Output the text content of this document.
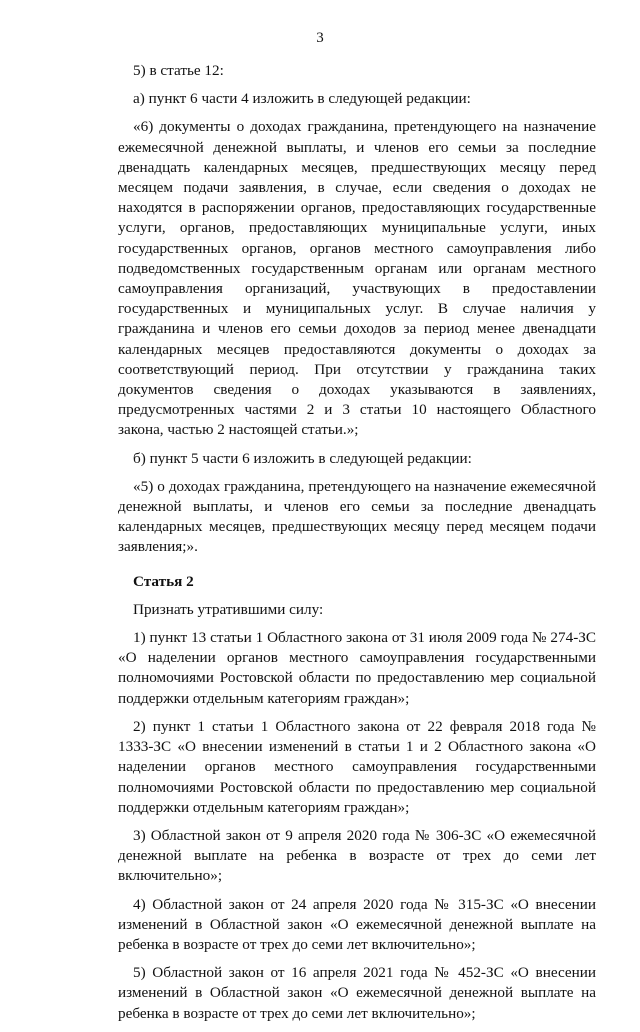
3

5) в статье 12:

а) пункт 6 части 4 изложить в следующей редакции:

«6) документы о доходах гражданина, претендующего на назначение ежемесячной денежной выплаты, и членов его семьи за последние двенадцать календарных месяцев, предшествующих месяцу перед месяцем подачи заявления, в случае, если сведения о доходах не находятся в распоряжении органов, предоставляющих государственные услуги, органов, предоставляющих муниципальные услуги, иных государственных органов, органов местного самоуправления либо подведомственных государственным органам или органам местного самоуправления организаций, участвующих в предоставлении государственных и муниципальных услуг. В случае наличия у гражданина и членов его семьи доходов за период менее двенадцати календарных месяцев предоставляются документы о доходах за соответствующий период. При отсутствии у гражданина таких документов сведения о доходах указываются в заявлениях, предусмотренных частями 2 и 3 статьи 10 настоящего Областного закона, частью 2 настоящей статьи.»;

б) пункт 5 части 6 изложить в следующей редакции:

«5) о доходах гражданина, претендующего на назначение ежемесячной денежной выплаты, и членов его семьи за последние двенадцать календарных месяцев, предшествующих месяцу перед месяцем подачи заявления;».

Статья 2

Признать утратившими силу:

1) пункт 13 статьи 1 Областного закона от 31 июля 2009 года № 274-ЗС «О наделении органов местного самоуправления государственными полномочиями Ростовской области по предоставлению мер социальной поддержки отдельным категориям граждан»;

2) пункт 1 статьи 1 Областного закона от 22 февраля 2018 года № 1333-ЗС «О внесении изменений в статьи 1 и 2 Областного закона «О наделении органов местного самоуправления государственными полномочиями Ростовской области по предоставлению мер социальной поддержки отдельным категориям граждан»;

3) Областной закон от 9 апреля 2020 года № 306-ЗС «О ежемесячной денежной выплате на ребенка в возрасте от трех до семи лет включительно»;

4) Областной закон от 24 апреля 2020 года № 315-ЗС «О внесении изменений в Областной закон «О ежемесячной денежной выплате на ребенка в возрасте от трех до семи лет включительно»;

5) Областной закон от 16 апреля 2021 года № 452-ЗС «О внесении изменений в Областной закон «О ежемесячной денежной выплате на ребенка в возрасте от трех до семи лет включительно»;
